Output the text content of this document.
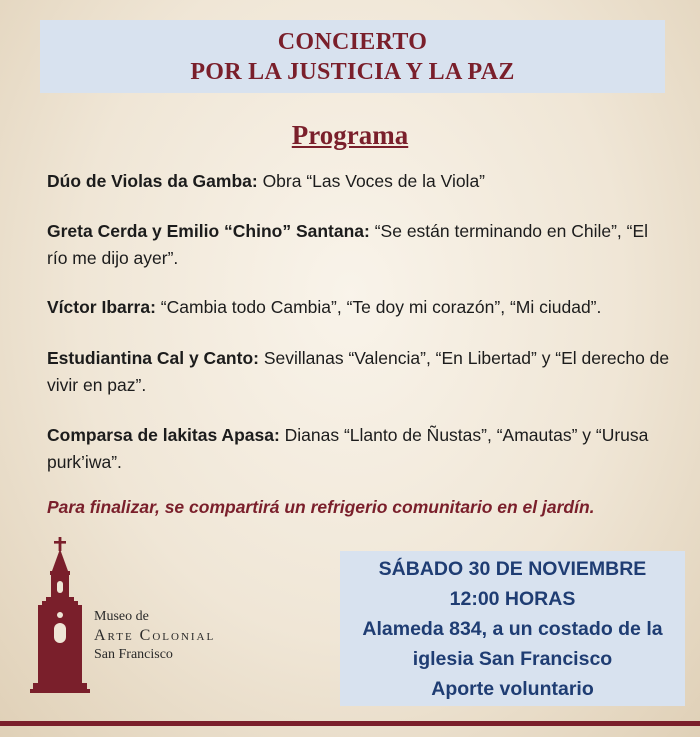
CONCIERTO
POR LA JUSTICIA Y LA PAZ
Programa

Dúo de Violas da Gamba: Obra “Las Voces de la Viola”

Greta Cerda y Emilio “Chino” Santana: “Se están terminando en Chile”, “El río me dijo ayer”.

Víctor Ibarra: “Cambia todo Cambia”, “Te doy mi corazón”, “Mi ciudad”.

Estudiantina Cal y Canto: Sevillanas “Valencia”, “En Libertad” y “El derecho de vivir en paz”.

Comparsa de lakitas Apasa: Dianas “Llanto de Ñustas”, “Amautas” y “Urusa purk’iwa”.

Para finalizar, se compartirá un refrigerio comunitario en el jardín.
Museo de
Arte Colonial
San Francisco
SÁBADO 30 DE NOVIEMBRE
12:00 HORAS
Alameda 834, a un costado de la
iglesia San Francisco
Aporte voluntario
